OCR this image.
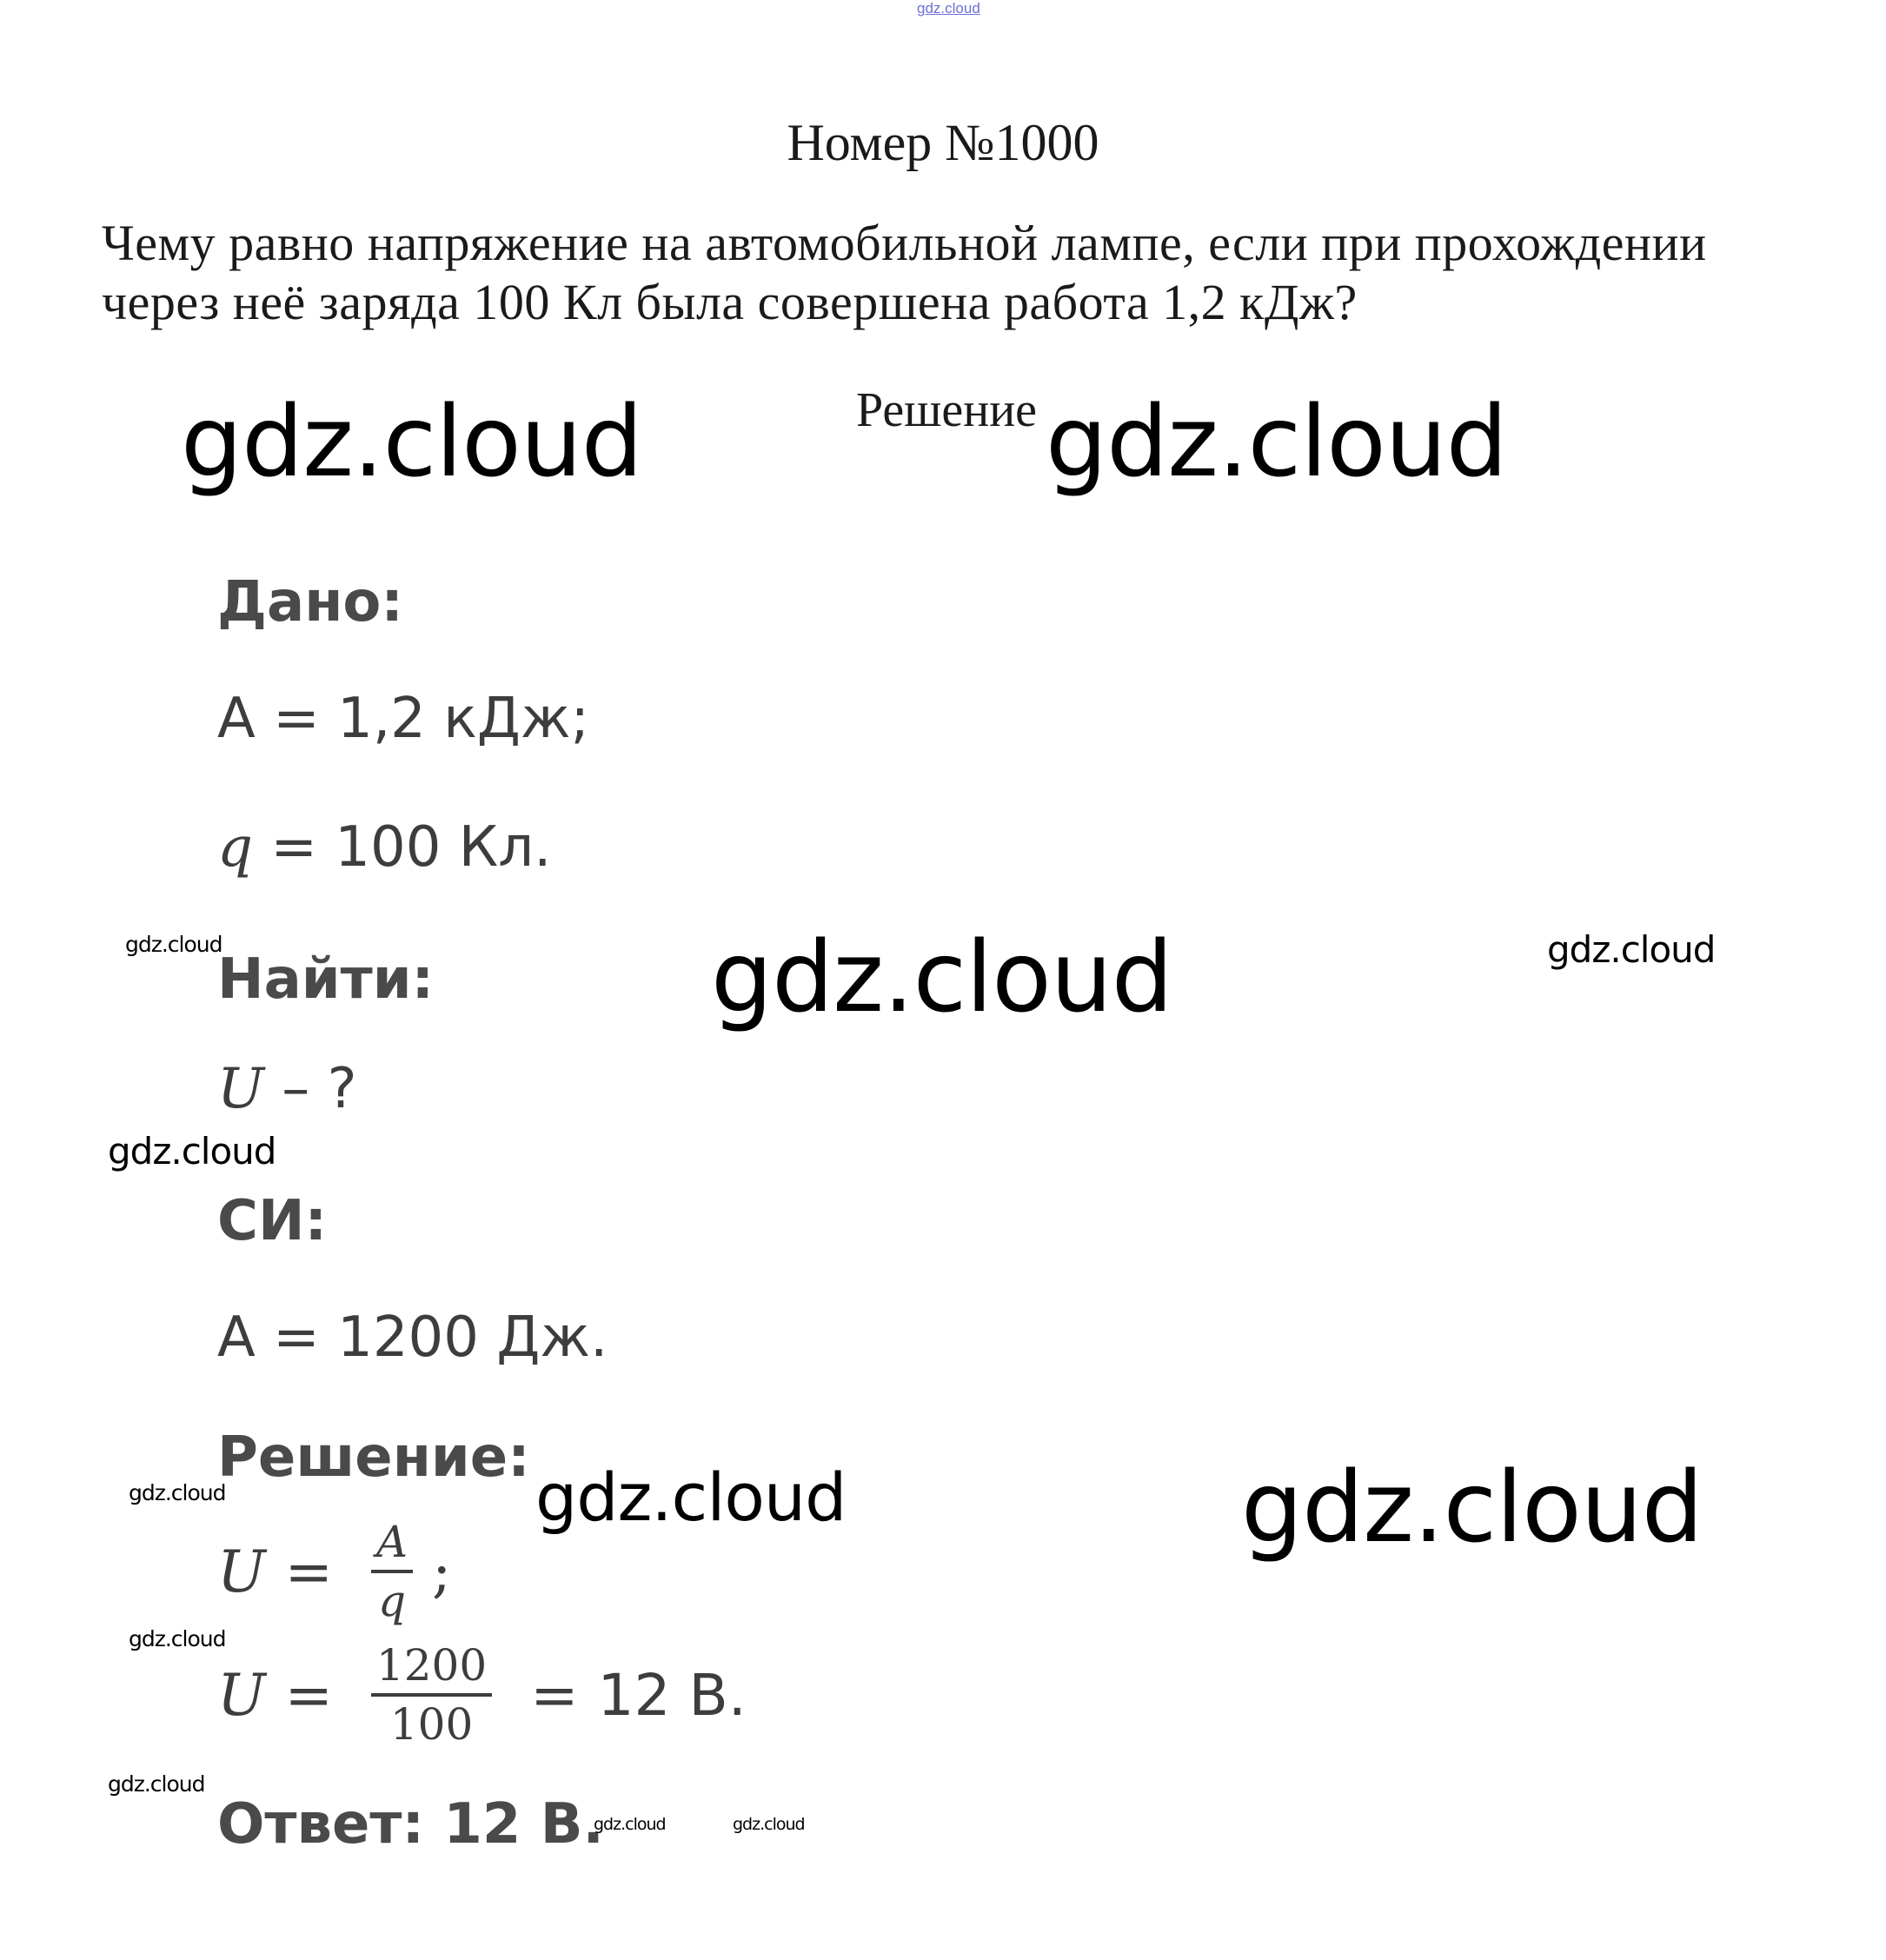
gdz.cloud
Номер №1000
Чему равно напряжение на автомобильной лампе, если при прохождении
через неё заряда 100 Кл была совершена работа 1,2 кДж?
Решение
Дано:
A = 1,2 кДж;
q = 100 Кл.
Найти:
U – ?
СИ:
A = 1200 Дж.
Решение:
$U = \frac{A}{q}$ ;
$U = \frac{1200}{100} = 12$ В.
Ответ: 12 В.
gdz.cloud	gdz.cloud
gdz.cloud	gdz.cloud	gdz.cloud
gdz.cloud
gdz.cloud	gdz.cloud	gdz.cloud
gdz.cloud
gdz.cloud
gdz.cloud	gdz.cloud
